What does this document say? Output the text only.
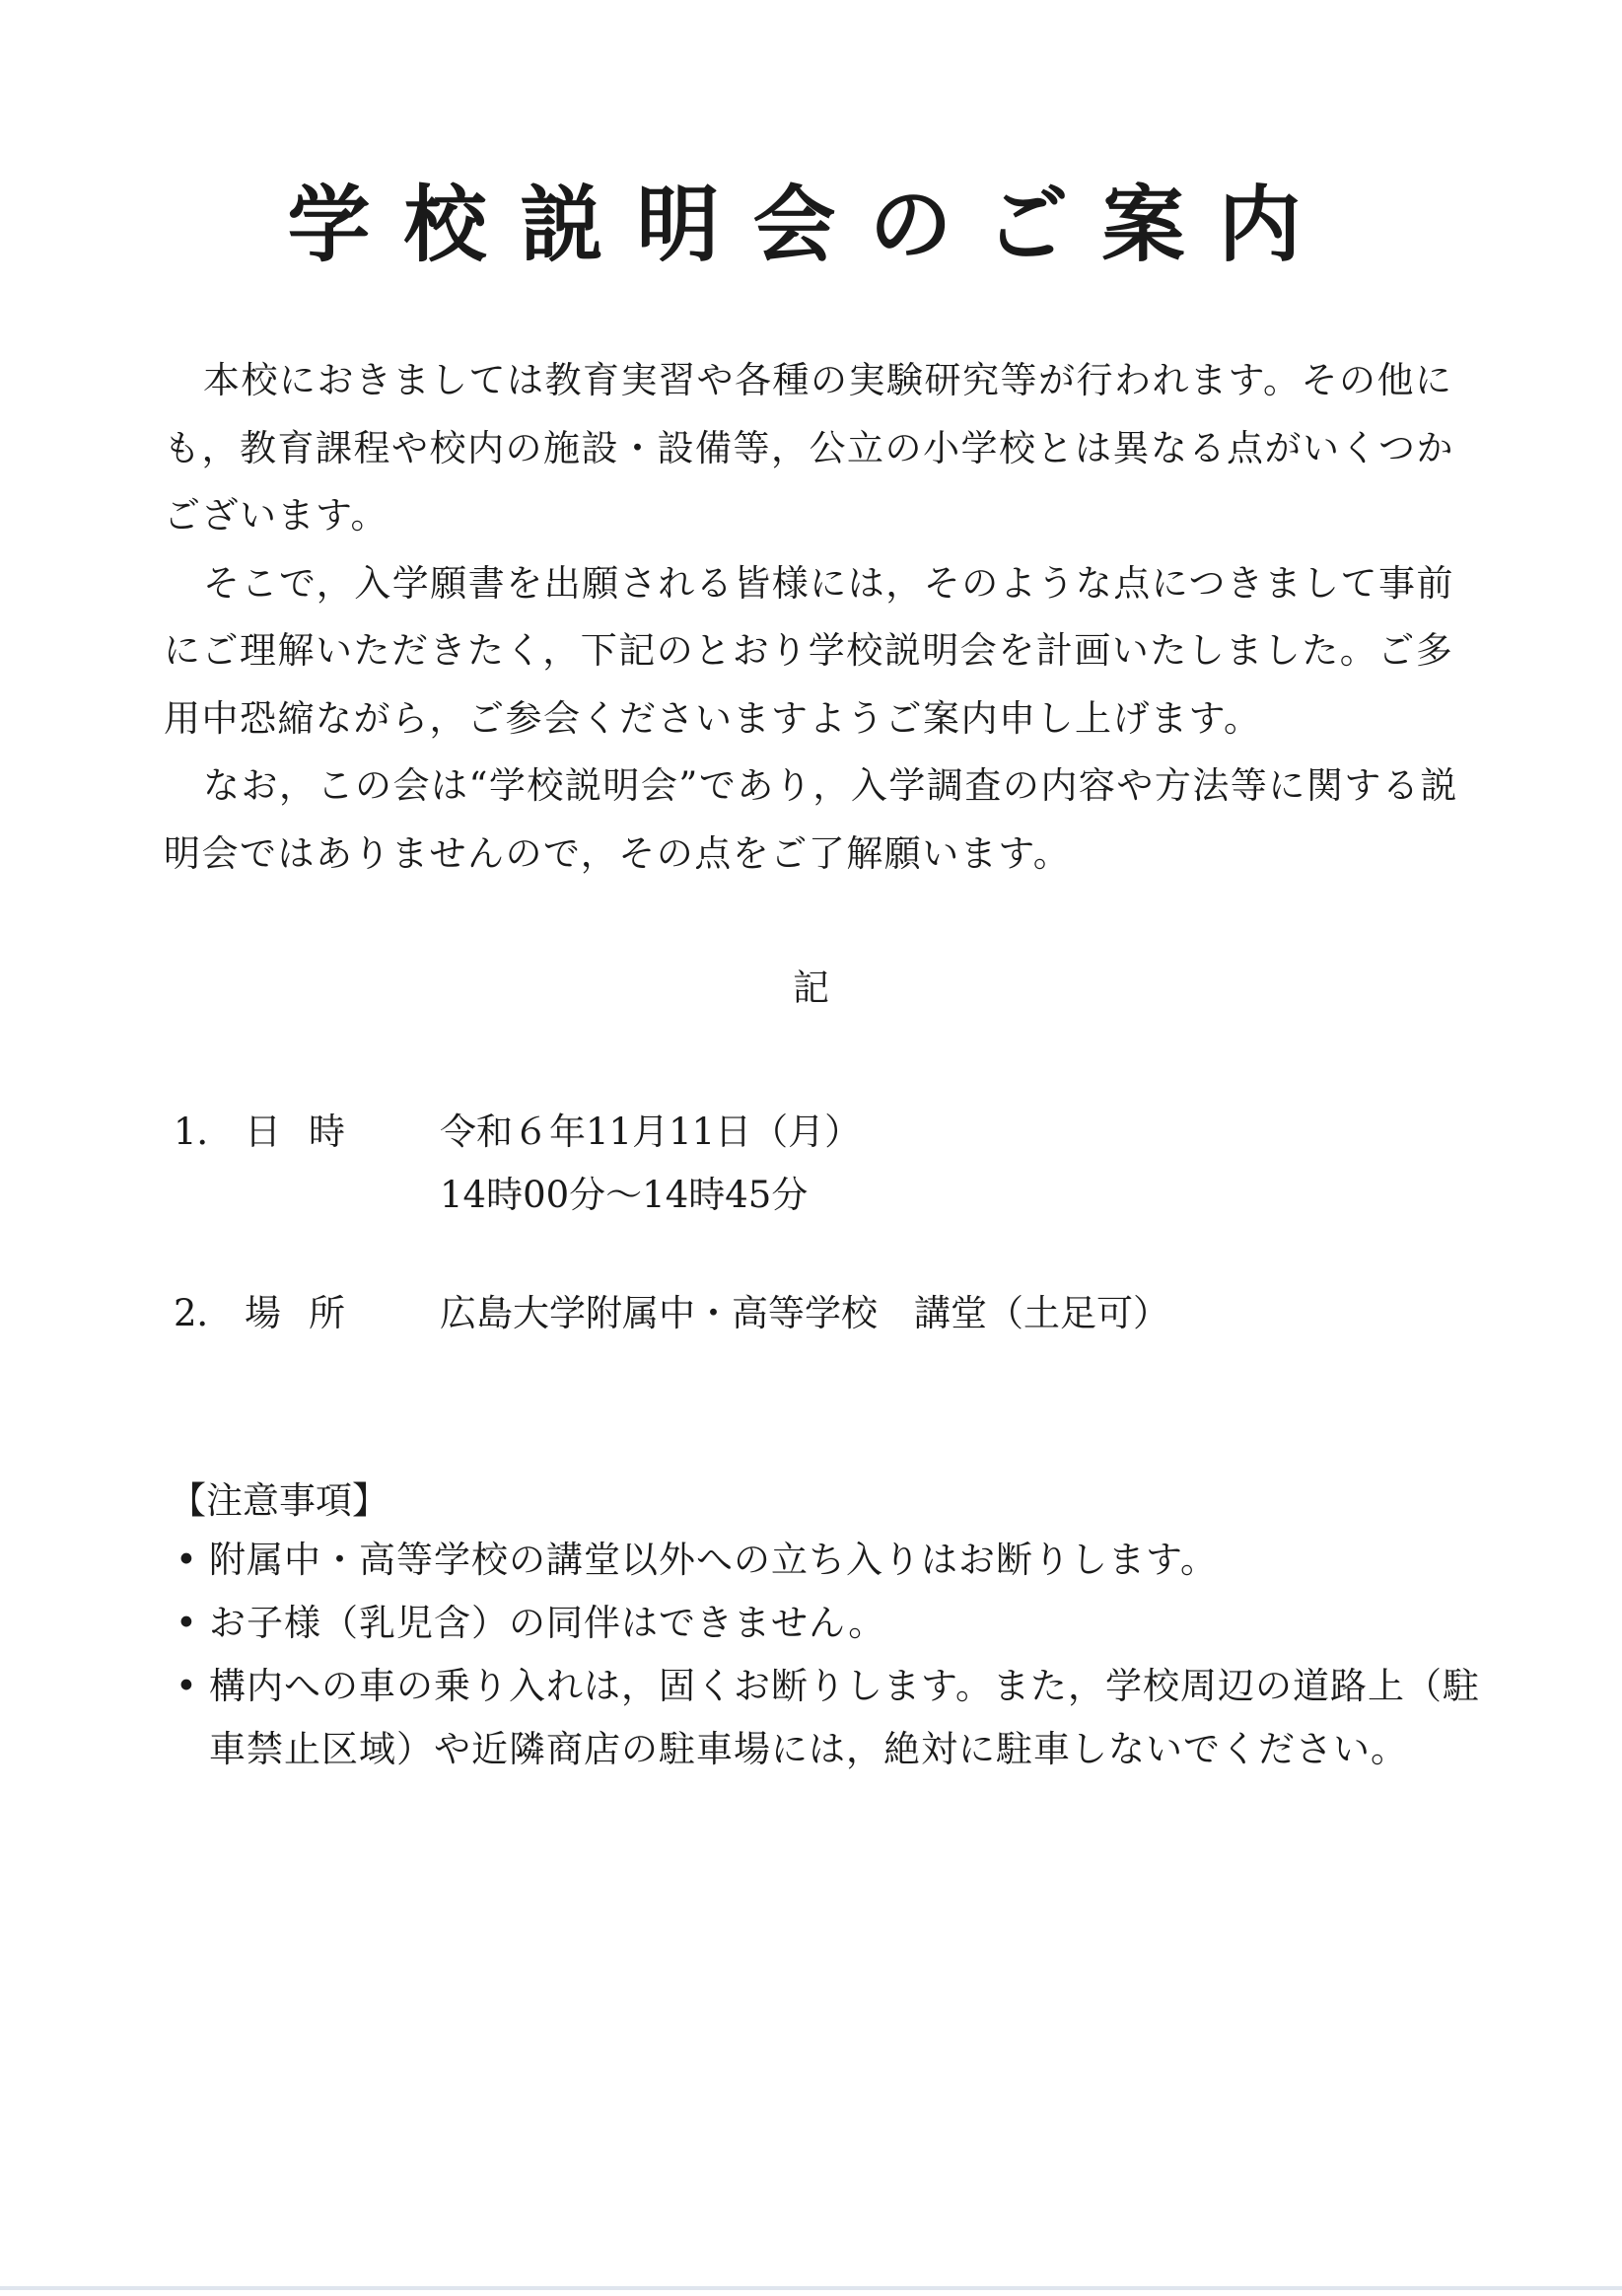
学校説明会のご案内

本校におきましては教育実習や各種の実験研究等が行われます。その他にも，教育課程や校内の施設・設備等，公立の小学校とは異なる点がいくつかございます。

そこで，入学願書を出願される皆様には，そのような点につきまして事前にご理解いただきたく，下記のとおり学校説明会を計画いたしました。ご多用中恐縮ながら，ご参会くださいますようご案内申し上げます。

なお，この会は“学校説明会”であり，入学調査の内容や方法等に関する説明会ではありませんので，その点をご了解願います。

記
1． 日時 令和６年11月11日（月）
14時00分～14時45分
2． 場所 広島大学附属中・高等学校　講堂（土足可）
【注意事項】
• 附属中・高等学校の講堂以外への立ち入りはお断りします。
• お子様（乳児含）の同伴はできません。
• 構内への車の乗り入れは，固くお断りします。また，学校周辺の道路上（駐車禁止区域）や近隣商店の駐車場には，絶対に駐車しないでください。
